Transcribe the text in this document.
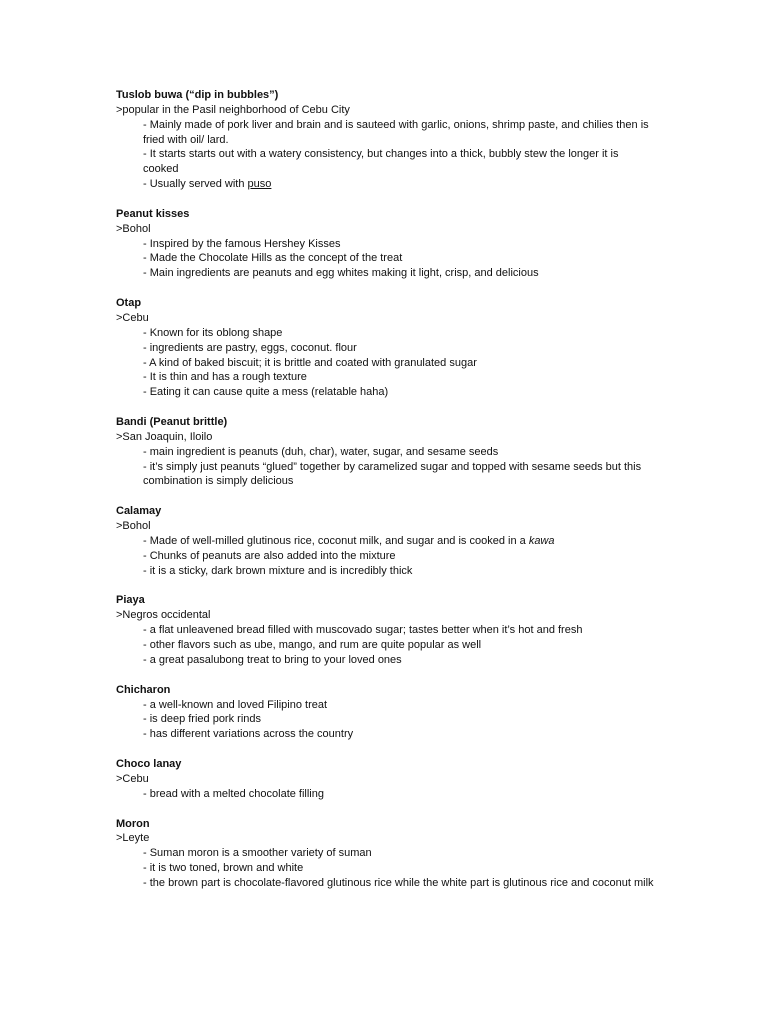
Tuslob buwa (“dip in bubbles”)
>popular in the Pasil neighborhood of Cebu City
- Mainly made of pork liver and brain and is sauteed with garlic, onions, shrimp paste, and chilies then is fried with oil/ lard.
- It starts starts out with a watery consistency, but changes into a thick, bubbly stew the longer it is cooked
- Usually served with puso
Peanut kisses
>Bohol
- Inspired by the famous Hershey Kisses
- Made the Chocolate Hills as the concept of the treat
- Main ingredients are peanuts and egg whites making it light, crisp, and delicious
Otap
>Cebu
- Known for its oblong shape
- ingredients are pastry, eggs, coconut. flour
- A kind of baked biscuit; it is brittle and coated with granulated sugar
- It is thin and has a rough texture
- Eating it can cause quite a mess (relatable haha)
Bandi (Peanut brittle)
>San Joaquin, Iloilo
- main ingredient is peanuts (duh, char), water, sugar, and sesame seeds
- it’s simply just peanuts “glued” together by caramelized sugar and topped with sesame seeds but this combination is simply delicious
Calamay
>Bohol
- Made of well-milled glutinous rice, coconut milk, and sugar and is cooked in a kawa
- Chunks of peanuts are also added into the mixture
- it is a sticky, dark brown mixture and is incredibly thick
Piaya
>Negros occidental
- a flat unleavened bread filled with muscovado sugar; tastes better when it’s hot and fresh
- other flavors such as ube, mango, and rum are quite popular as well
- a great pasalubong treat to bring to your loved ones
Chicharon
- a well-known and loved Filipino treat
- is deep fried pork rinds
- has different variations across the country
Choco lanay
>Cebu
- bread with a melted chocolate filling
Moron
>Leyte
- Suman moron is a smoother variety of suman
- it is two toned, brown and white
- the brown part is chocolate-flavored glutinous rice while the white part is glutinous rice and coconut milk
